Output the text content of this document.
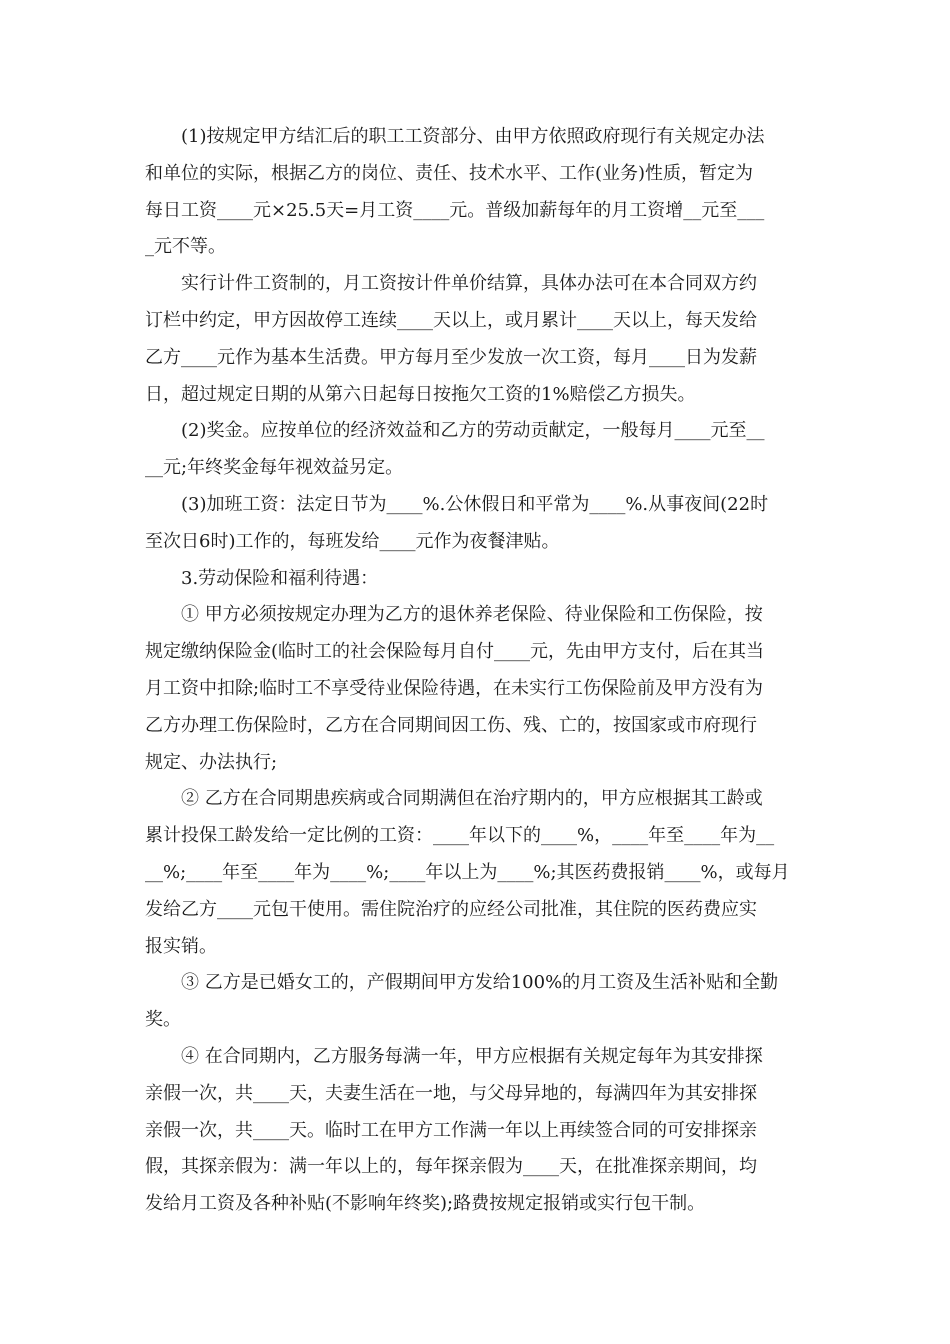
(1)按规定甲方结汇后的职工工资部分、由甲方依照政府现行有关规定办法
和单位的实际，根据乙方的岗位、责任、技术水平、工作(业务)性质，暂定为
每日工资____元×25.5天=月工资____元。普级加薪每年的月工资增__元至___
_元不等。
实行计件工资制的，月工资按计件单价结算，具体办法可在本合同双方约
订栏中约定，甲方因故停工连续____天以上，或月累计____天以上，每天发给
乙方____元作为基本生活费。甲方每月至少发放一次工资，每月____日为发薪
日，超过规定日期的从第六日起每日按拖欠工资的1%赔偿乙方损失。
(2)奖金。应按单位的经济效益和乙方的劳动贡献定，一般每月____元至__
__元;年终奖金每年视效益另定。
(3)加班工资：法定日节为____%.公休假日和平常为____%.从事夜间(22时
至次日6时)工作的，每班发给____元作为夜餐津贴。
3.劳动保险和福利待遇：
① 甲方必须按规定办理为乙方的退休养老保险、待业保险和工伤保险，按
规定缴纳保险金(临时工的社会保险每月自付____元，先由甲方支付，后在其当
月工资中扣除;临时工不享受待业保险待遇，在未实行工伤保险前及甲方没有为
乙方办理工伤保险时，乙方在合同期间因工伤、残、亡的，按国家或市府现行
规定、办法执行;
② 乙方在合同期患疾病或合同期满但在治疗期内的，甲方应根据其工龄或
累计投保工龄发给一定比例的工资：____年以下的____%，____年至____年为__
__%;____年至____年为____%;____年以上为____%;其医药费报销____%，或每月
发给乙方____元包干使用。需住院治疗的应经公司批准，其住院的医药费应实
报实销。
③ 乙方是已婚女工的，产假期间甲方发给100%的月工资及生活补贴和全勤
奖。
④ 在合同期内，乙方服务每满一年，甲方应根据有关规定每年为其安排探
亲假一次，共____天，夫妻生活在一地，与父母异地的，每满四年为其安排探
亲假一次，共____天。临时工在甲方工作满一年以上再续签合同的可安排探亲
假，其探亲假为：满一年以上的，每年探亲假为____天，在批准探亲期间，均
发给月工资及各种补贴(不影响年终奖);路费按规定报销或实行包干制。
